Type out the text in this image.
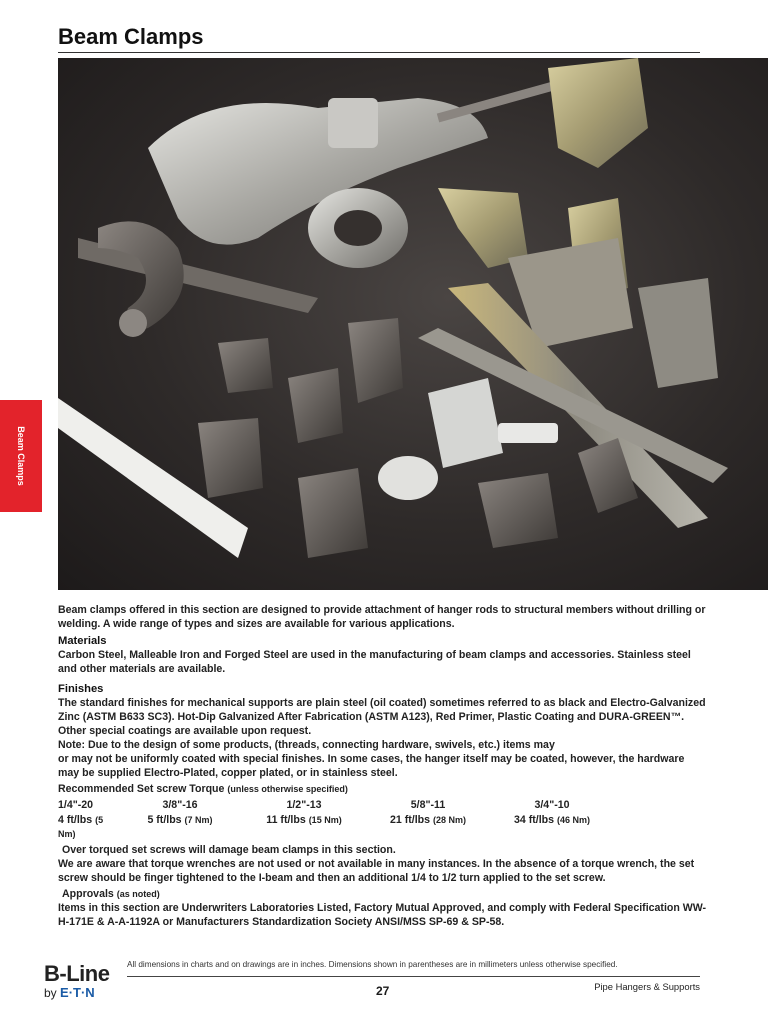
Beam Clamps
Beam Clamps

Beam clamps offered in this section are designed to provide attachment of hanger rods to structural members without drilling or welding. A wide range of types and sizes are available for various applications.

Materials

Carbon Steel, Malleable Iron and Forged Steel are used in the manufacturing of beam clamps and accessories. Stainless steel and other materials are available.

Finishes

The standard finishes for mechanical supports are plain steel (oil coated) sometimes referred to as black and Electro-Galvanized Zinc (ASTM B633 SC3). Hot-Dip Galvanized After Fabrication (ASTM A123), Red Primer, Plastic Coating and DURA-GREEN™. Other special coatings are available upon request.

Note: Due to the design of some products, (threads, connecting hardware, swivels, etc.) items may

or may not be uniformly coated with special finishes. In some cases, the hanger itself may be coated, however, the hardware may be supplied Electro-Plated, copper plated, or in stainless steel.

Recommended Set screw Torque (unless otherwise specified)

1/4"-20
4 ft/lbs (5 Nm)
3/8"-16
5 ft/lbs (7 Nm)
1/2"-13
11 ft/lbs (15 Nm)
5/8"-11
21 ft/lbs (28 Nm)
3/4"-10
34 ft/lbs (46 Nm)

Over torqued set screws will damage beam clamps in this section.

We are aware that torque wrenches are not used or not available in many instances. In the absence of a torque wrench, the set screw should be finger tightened to the I-beam and then an additional 1/4 to 1/2 turn applied to the set screw.

Approvals (as noted)

Items in this section are Underwriters Laboratories Listed, Factory Mutual Approved, and comply with Federal Specification WW-H-171E & A-A-1192A or Manufacturers Standardization Society ANSI/MSS SP-69 & SP-58.

B-Line
by E·T·N
All dimensions in charts and on drawings are in inches. Dimensions shown in parentheses are in millimeters unless otherwise specified.
27	Pipe Hangers & Supports
